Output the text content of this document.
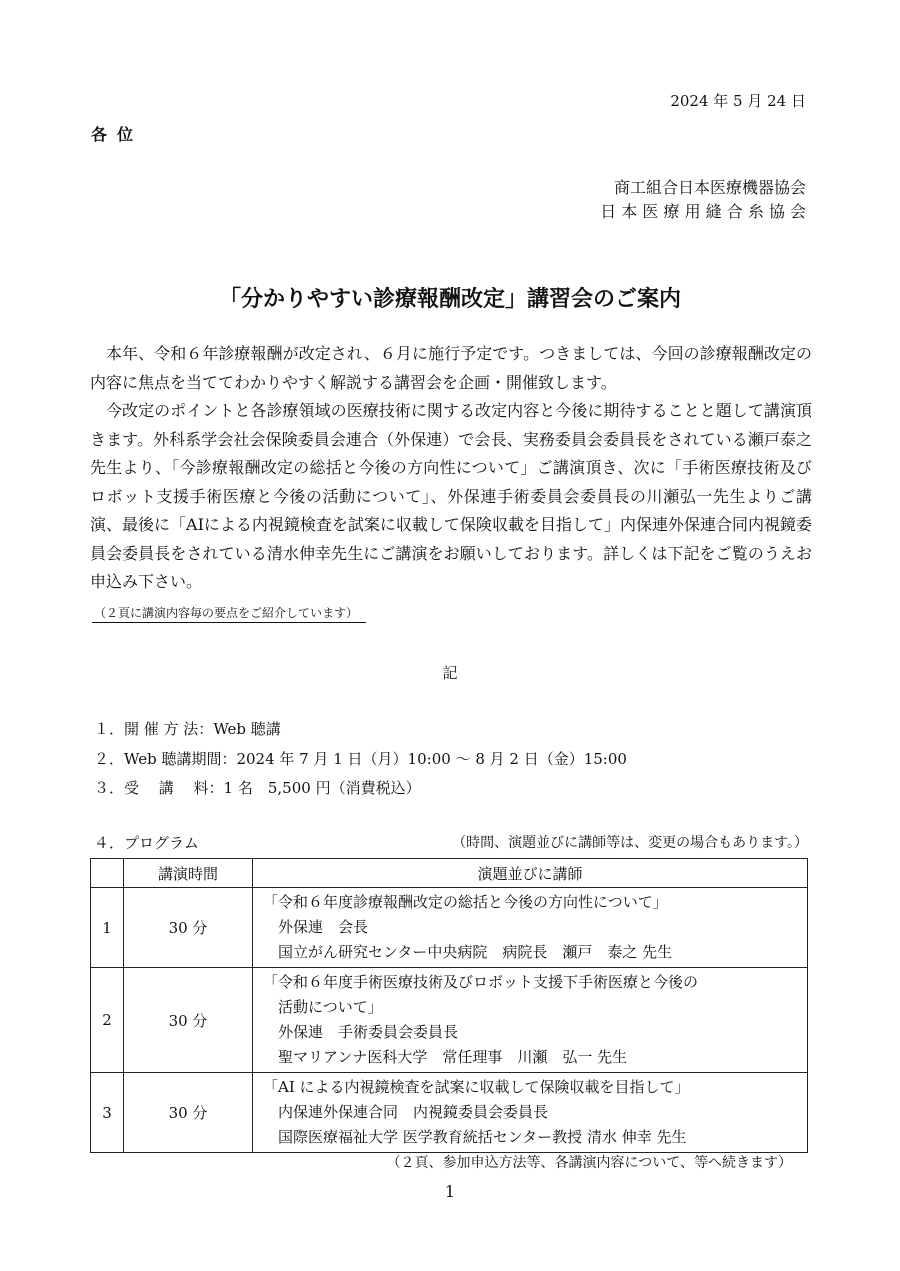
2024 年 5 月 24 日
各位
商工組合日本医療機器協会
日 本 医 療 用 縫 合 糸 協 会
「分かりやすい診療報酬改定」講習会のご案内

本年、令和６年診療報酬が改定され、６月に施行予定です。つきましては、今回の診療報酬改定の内容に焦点を当ててわかりやすく解説する講習会を企画・開催致します。

今改定のポイントと各診療領域の医療技術に関する改定内容と今後に期待することと題して講演頂きます。外科系学会社会保険委員会連合（外保連）で会長、実務委員会委員長をされている瀬戸泰之先生より、「今診療報酬改定の総括と今後の方向性について」ご講演頂き、次に「手術医療技術及びロボット支援手術医療と今後の活動について」、外保連手術委員会委員長の川瀬弘一先生よりご講演、最後に「AIによる内視鏡検査を試案に収載して保険収載を目指して」内保連外保連合同内視鏡委員会委員長をされている清水伸幸先生にご講演をお願いしております。詳しくは下記をご覧のうえお申込み下さい。

（２頁に講演内容毎の要点をご紹介しています）
記
１．開 催 方 法：Web 聴講
２．Web 聴講期間：2024 年 7 月 1 日（月）10:00 ～ 8 月 2 日（金）15:00
３．受　 講　 料：1 名　5,500 円（消費税込）
４．プログラム	（時間、演題並びに講師等は、変更の場合もあります。）
	講演時間	演題並びに講師
1	30 分	「令和６年度診療報酬改定の総括と今後の方向性について」
外保連　会長
国立がん研究センター中央病院　病院長　瀬戸　泰之 先生

2	30 分	「令和６年度手術医療技術及びロボット支援下手術医療と今後の
活動について」
外保連　手術委員会委員長
聖マリアンナ医科大学　常任理事　川瀬　弘一 先生

3	30 分	「AI による内視鏡検査を試案に収載して保険収載を目指して」
内保連外保連合同　内視鏡委員会委員長
国際医療福祉大学 医学教育統括センター教授 清水 伸幸 先生
（２頁、参加申込方法等、各講演内容について、等へ続きます）
1
